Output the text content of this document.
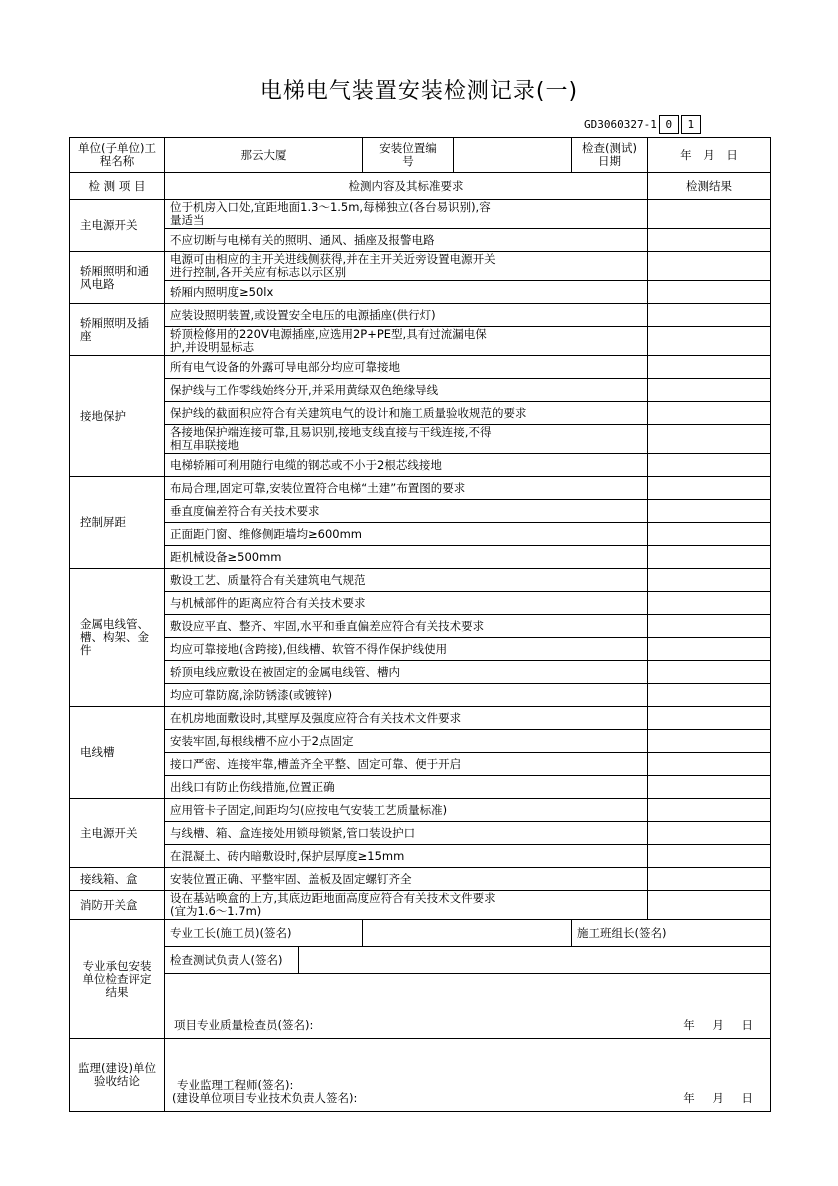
电梯电气装置安装检测记录(一)
GD3060327-1 0	1
单位(子单位)工程名称	那云大厦		安装位置编号		检查(测试)日期	年 月 日
检 测 项 目	检测内容及其标准要求					检测结果
主电源开关	位于机房入口处,宜距地面1.3～1.5m,每梯独立(各台易识别),容量适当					
	不应切断与电梯有关的照明、通风、插座及报警电路					
轿厢照明和通风电路	电源可由相应的主开关进线侧获得,并在主开关近旁设置电源开关进行控制,各开关应有标志以示区别					
	轿厢内照明度≥50lx					
轿厢照明及插座	应装设照明装置,或设置安全电压的电源插座(供行灯)					
	轿顶检修用的220V电源插座,应选用2P+PE型,具有过流漏电保护,并设明显标志					
接地保护	所有电气设备的外露可导电部分均应可靠接地					
	保护线与工作零线始终分开,并采用黄绿双色绝缘导线					
	保护线的截面积应符合有关建筑电气的设计和施工质量验收规范的要求					
	各接地保护端连接可靠,且易识别,接地支线直接与干线连接,不得相互串联接地					
	电梯轿厢可利用随行电缆的钢芯或不小于2根芯线接地					
控制屏距	布局合理,固定可靠,安装位置符合电梯“土建”布置图的要求					
	垂直度偏差符合有关技术要求					
	正面距门窗、维修侧距墙均≥600mm					
	距机械设备≥500mm					
金属电线管、槽、构架、金件	敷设工艺、质量符合有关建筑电气规范					
	与机械部件的距离应符合有关技术要求					
	敷设应平直、整齐、牢固,水平和垂直偏差应符合有关技术要求					
	均应可靠接地(含跨接),但线槽、软管不得作保护线使用					
	轿顶电线应敷设在被固定的金属电线管、槽内					
	均应可靠防腐,涂防锈漆(或镀锌)					
电线槽	在机房地面敷设时,其壁厚及强度应符合有关技术文件要求					
	安装牢固,每根线槽不应小于2点固定					
	接口严密、连接牢靠,槽盖齐全平整、固定可靠、便于开启					
	出线口有防止伤线措施,位置正确					
主电源开关	应用管卡子固定,间距均匀(应按电气安装工艺质量标准)					
	与线槽、箱、盒连接处用锁母锁紧,管口装设护口					
	在混凝土、砖内暗敷设时,保护层厚度≥15mm					
接线箱、盒	安装位置正确、平整牢固、盖板及固定螺钉齐全					
消防开关盒	设在基站唤盒的上方,其底边距地面高度应符合有关技术文件要求(宜为1.6～1.7m)					
专业承包安装单位检查评定结果	专业工长(施工员)(签名)				施工班组长(签名)	
	检查测试负责人(签名)					

	项目专业质量检查员(签名): 年 月 日					

监理(建设)单位验收结论	专业监理工程师(签名):
(建设单位项目专业技术负责人签名): 年 月 日					
